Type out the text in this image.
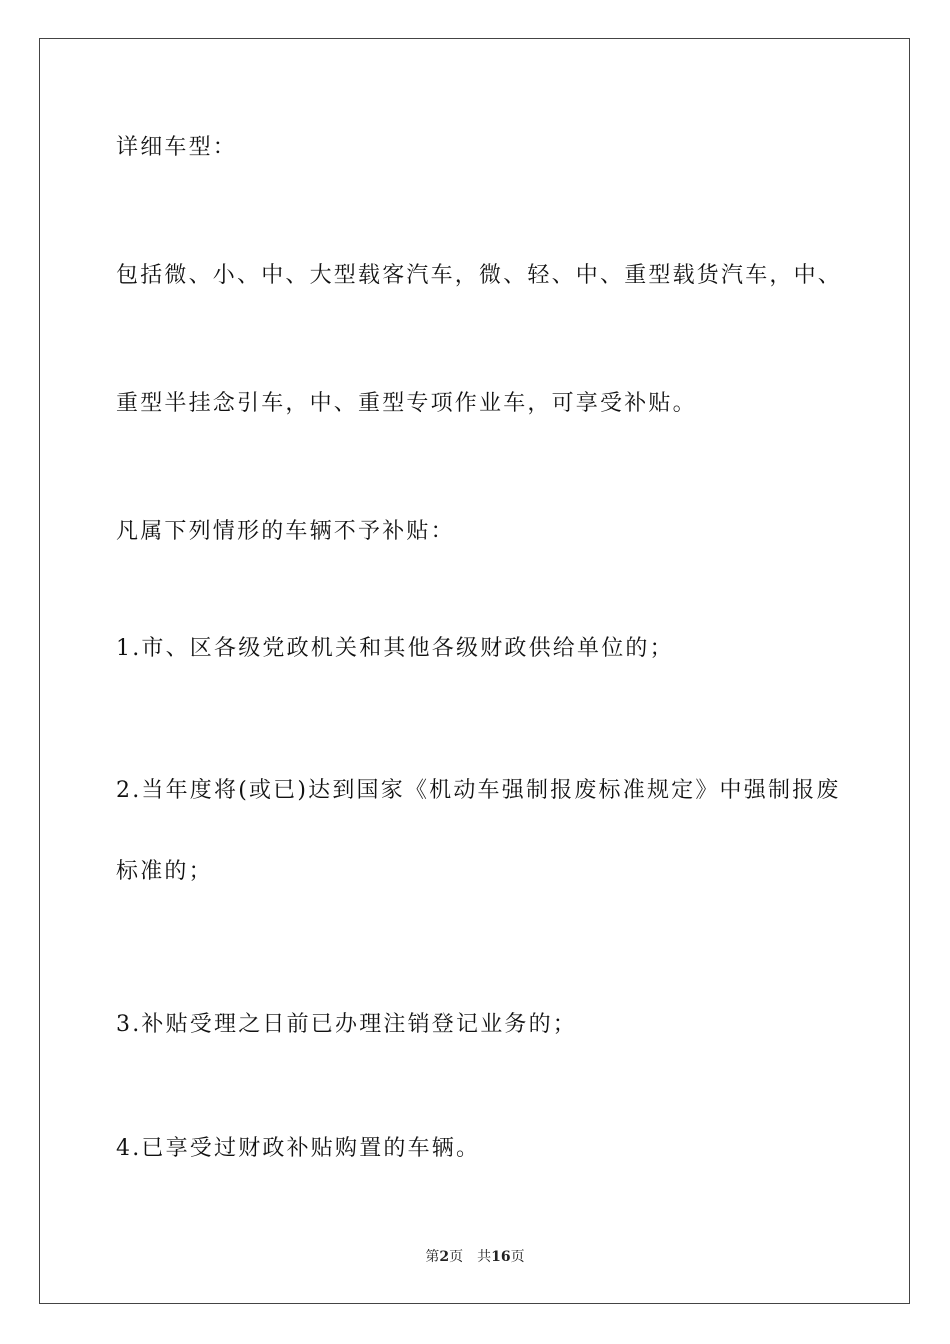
详细车型：

包括微、小、中、大型载客汽车，微、轻、中、重型载货汽车，中、

重型半挂念引车，中、重型专项作业车，可享受补贴。

凡属下列情形的车辆不予补贴：

1.市、区各级党政机关和其他各级财政供给单位的；

2.当年度将(或已)达到国家《机动车强制报废标准规定》中强制报废

标准的；

3.补贴受理之日前已办理注销登记业务的；

4.已享受过财政补贴购置的车辆。

第2页 共16页
